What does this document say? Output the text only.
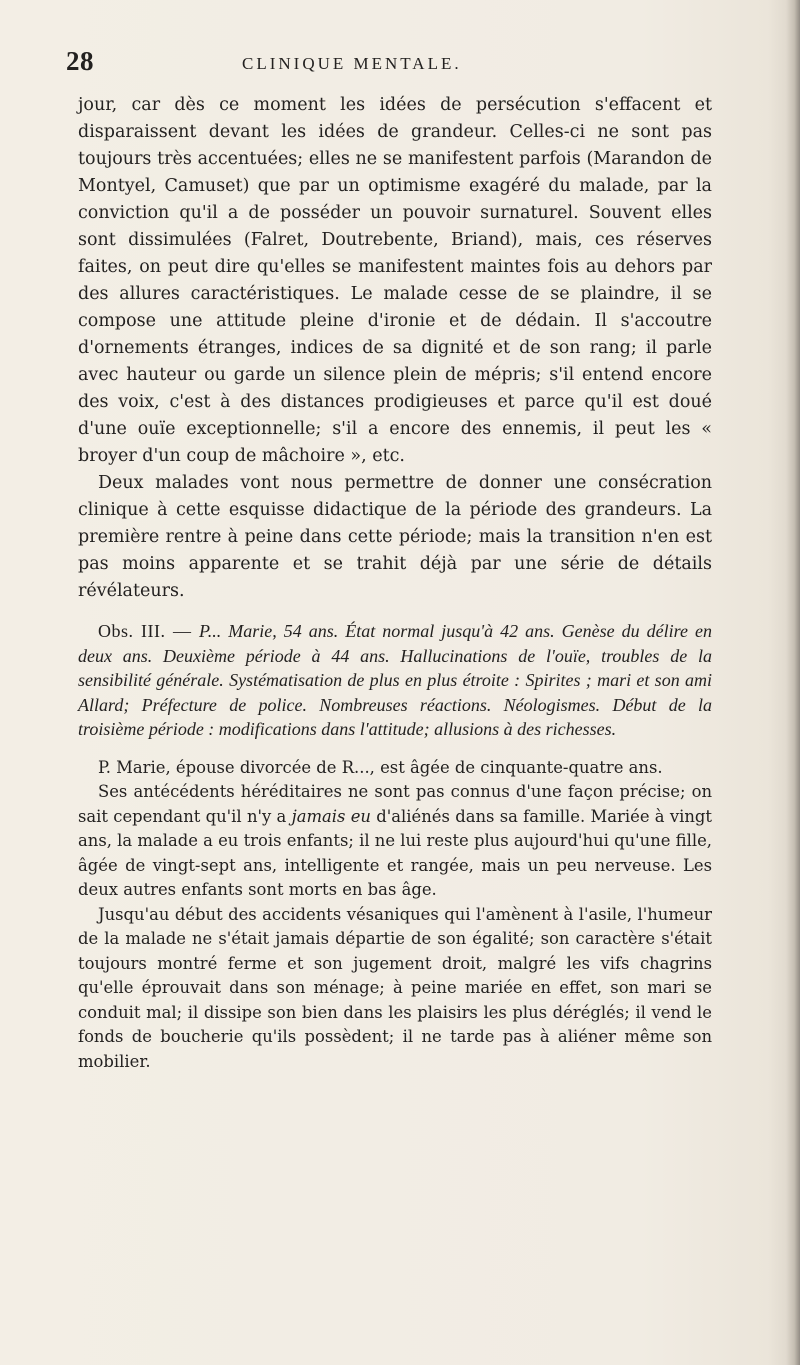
28	CLINIQUE MENTALE.

jour, car dès ce moment les idées de persécution s'effacent et disparaissent devant les idées de grandeur. Celles-ci ne sont pas toujours très accentuées; elles ne se manifestent parfois (Marandon de Montyel, Camuset) que par un optimisme exagéré du malade, par la conviction qu'il a de posséder un pouvoir surnaturel. Souvent elles sont dissimulées (Falret, Doutrebente, Briand), mais, ces réserves faites, on peut dire qu'elles se manifestent maintes fois au dehors par des allures caractéristiques. Le malade cesse de se plaindre, il se compose une attitude pleine d'ironie et de dédain. Il s'accoutre d'ornements étranges, indices de sa dignité et de son rang; il parle avec hauteur ou garde un silence plein de mépris; s'il entend encore des voix, c'est à des distances prodigieuses et parce qu'il est doué d'une ouïe exceptionnelle; s'il a encore des ennemis, il peut les « broyer d'un coup de mâchoire », etc.

Deux malades vont nous permettre de donner une consécration clinique à cette esquisse didactique de la période des grandeurs. La première rentre à peine dans cette période; mais la transition n'en est pas moins apparente et se trahit déjà par une série de détails révélateurs.

Obs. III. — P... Marie, 54 ans. État normal jusqu'à 42 ans. Genèse du délire en deux ans. Deuxième période à 44 ans. Hallucinations de l'ouïe, troubles de la sensibilité générale. Systématisation de plus en plus étroite : Spirites ; mari et son ami Allard; Préfecture de police. Nombreuses réactions. Néologismes. Début de la troisième période : modifications dans l'attitude; allusions à des richesses.

P. Marie, épouse divorcée de R..., est âgée de cinquante-quatre ans.

Ses antécédents héréditaires ne sont pas connus d'une façon précise; on sait cependant qu'il n'y a jamais eu d'aliénés dans sa famille. Mariée à vingt ans, la malade a eu trois enfants; il ne lui reste plus aujourd'hui qu'une fille, âgée de vingt-sept ans, intelligente et rangée, mais un peu nerveuse. Les deux autres enfants sont morts en bas âge.

Jusqu'au début des accidents vésaniques qui l'amènent à l'asile, l'humeur de la malade ne s'était jamais départie de son égalité; son caractère s'était toujours montré ferme et son jugement droit, malgré les vifs chagrins qu'elle éprouvait dans son ménage; à peine mariée en effet, son mari se conduit mal; il dissipe son bien dans les plaisirs les plus déréglés; il vend le fonds de boucherie qu'ils possèdent; il ne tarde pas à aliéner même son mobilier.
